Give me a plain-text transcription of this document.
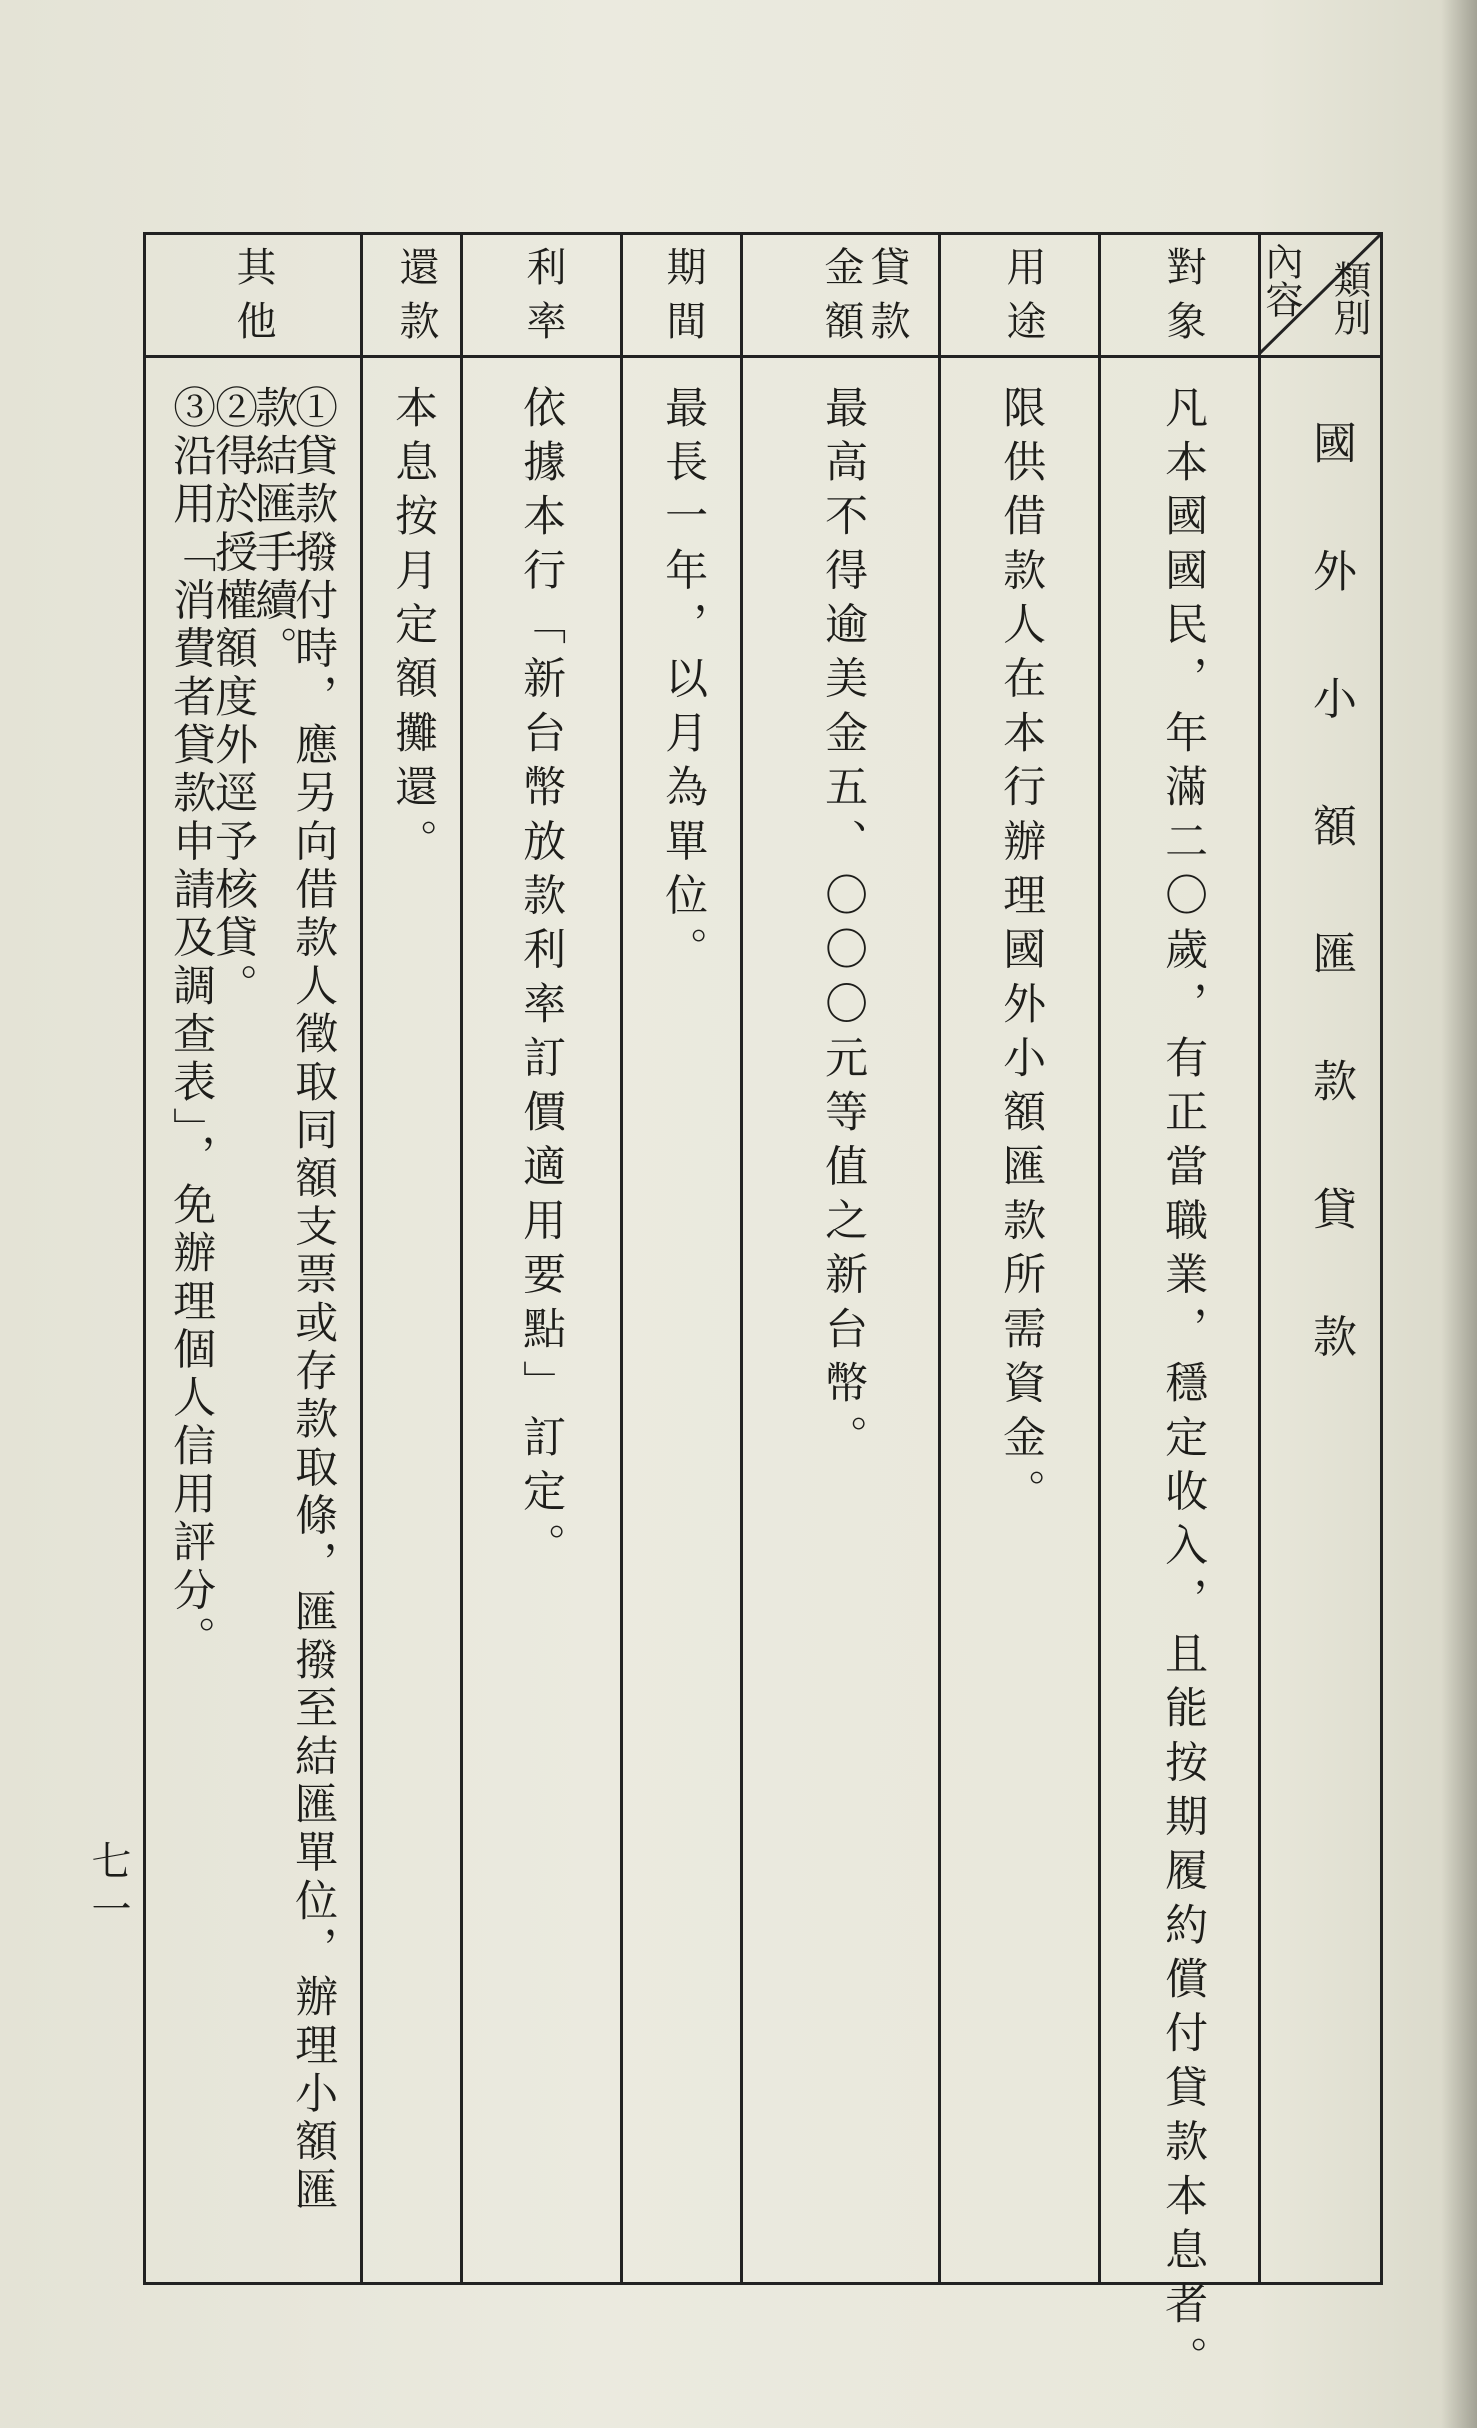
內容 類別
國外小額匯款貸款
對象
用途
貸款金額
期間
利率
還款
其他
凡本國國民，年滿二〇歲，有正當職業，穩定收入，且能按期履約償付貸款本息者。
限供借款人在本行辦理國外小額匯款所需資金。
最高不得逾美金五、〇〇〇元等值之新台幣。
最長一年，以月為單位。
依據本行「新台幣放款利率訂價適用要點」訂定。
本息按月定額攤還。
①貸款撥付時，應另向借款人徵取同額支票或存款取條，匯撥至結匯單位，辦理小額匯
款結匯手續。
②得於授權額度外逕予核貸。
③沿用「消費者貸款申請及調查表」，免辦理個人信用評分。
七一
